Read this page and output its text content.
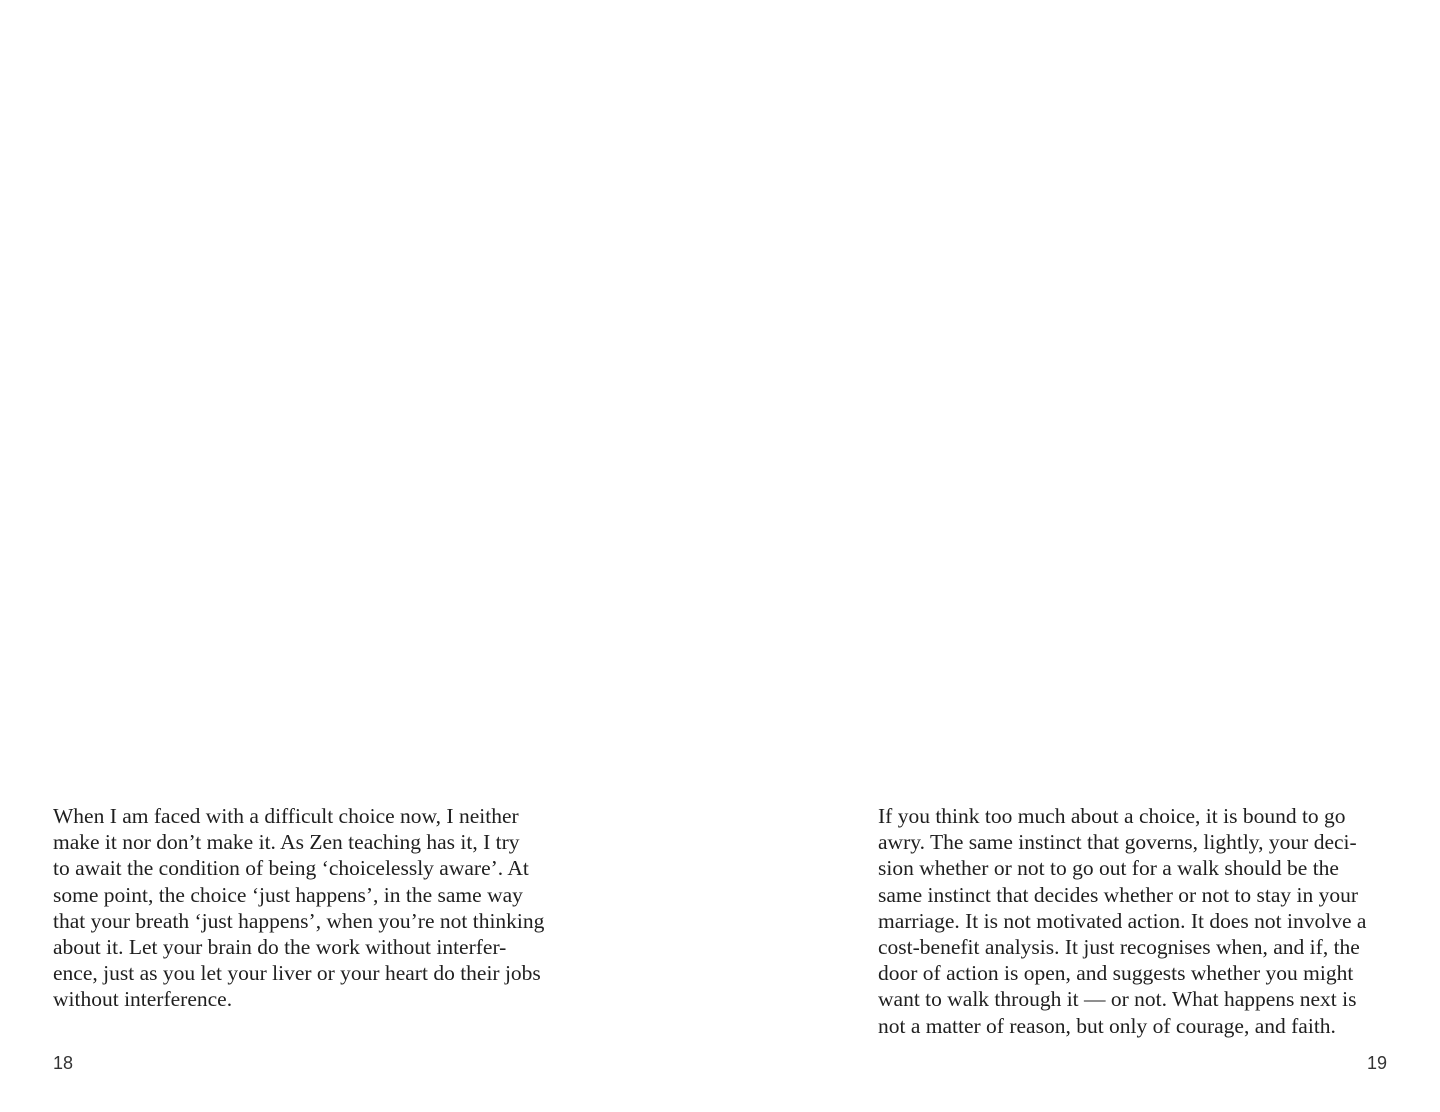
When I am faced with a difficult choice now, I neither
make it nor don’t make it. As Zen teaching has it, I try
to await the condition of being ‘choicelessly aware’. At
some point, the choice ‘just happens’, in the same way
that your breath ‘just happens’, when you’re not thinking
about it. Let your brain do the work without interfer-
ence, just as you let your liver or your heart do their jobs
without interference.

18

If you think too much about a choice, it is bound to go
awry. The same instinct that governs, lightly, your deci-
sion whether or not to go out for a walk should be the
same instinct that decides whether or not to stay in your
marriage. It is not motivated action. It does not involve a
cost-benefit analysis. It just recognises when, and if, the
door of action is open, and suggests whether you might
want to walk through it — or not. What happens next is
not a matter of reason, but only of courage, and faith.

19
